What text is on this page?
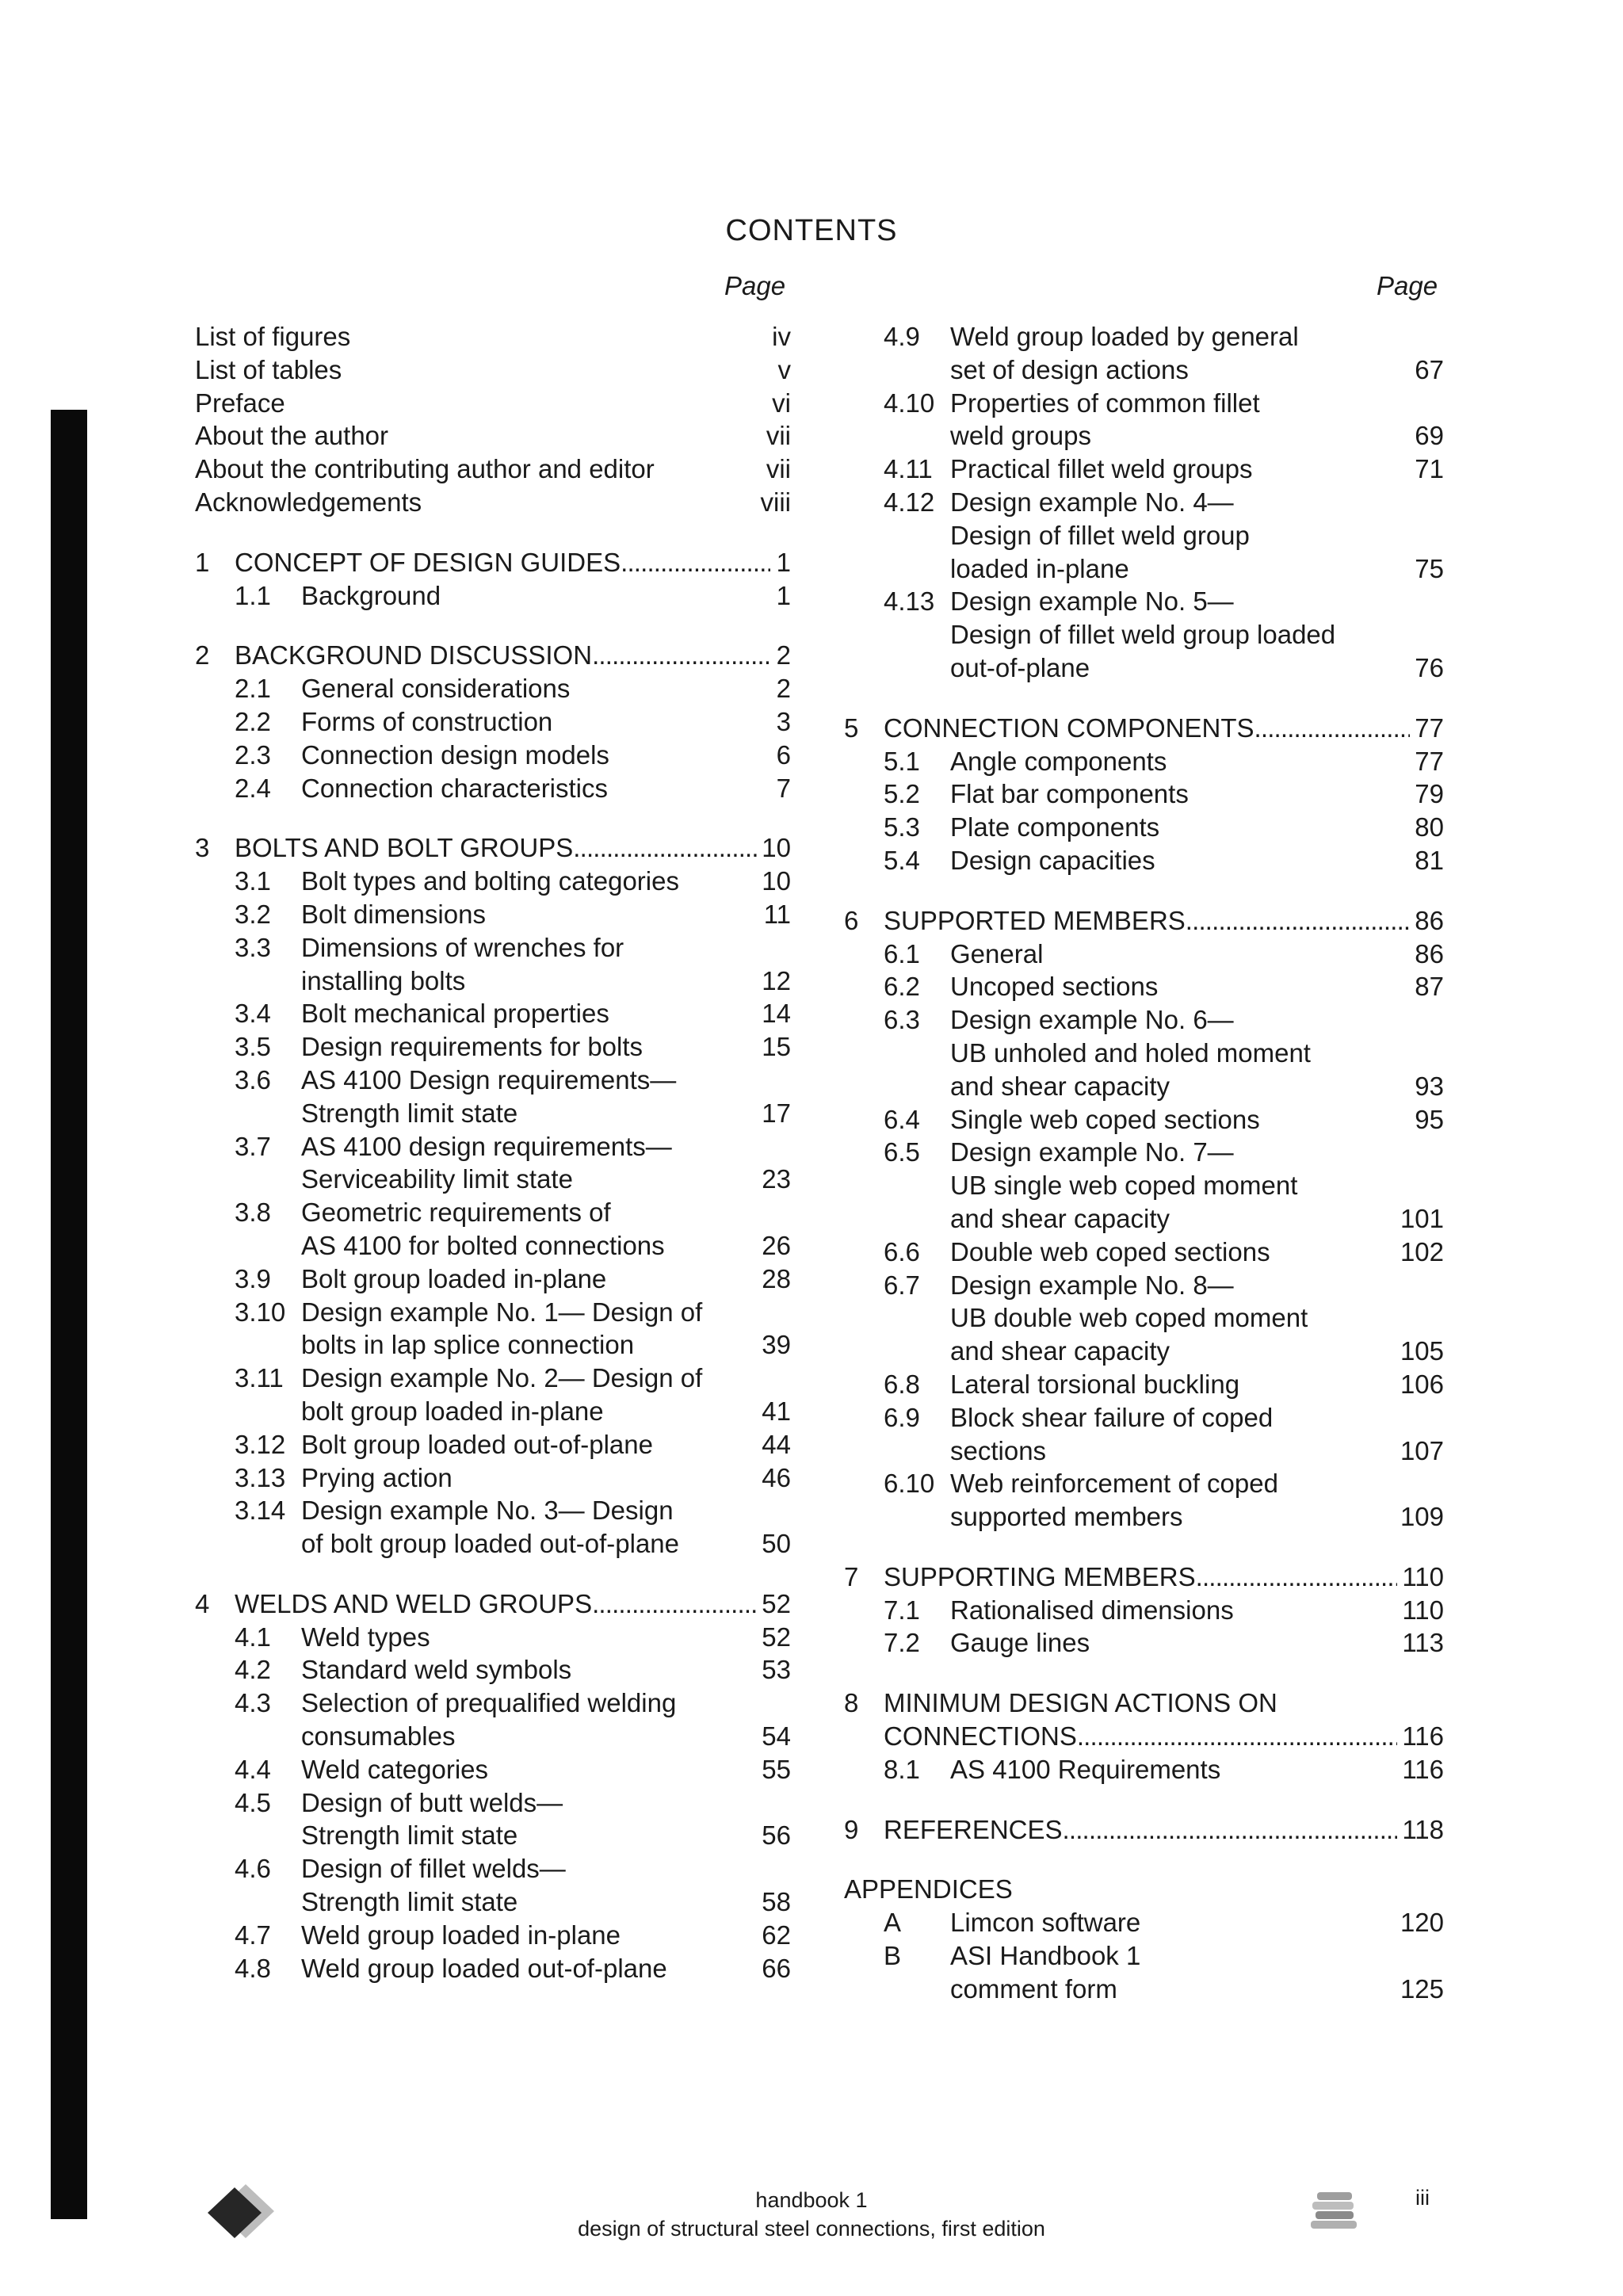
CONTENTS
Page	Page
List of figures	iv
List of tables	v
Preface	vi
About the author	vii
About the contributing author and editor	vii
Acknowledgements	viii
1 CONCEPT OF DESIGN GUIDES . . .	1
1.1	Background	1
2 BACKGROUND DISCUSSION . . .	2
2.1	General considerations	2
2.2	Forms of construction	3
2.3	Connection design models	6
2.4	Connection characteristics	7
3 BOLTS AND BOLT GROUPS . . .	10
3.1	Bolt types and bolting categories	10
3.2	Bolt dimensions	11
3.3	Dimensions of wrenches for
installing bolts	12
3.4	Bolt mechanical properties	14
3.5	Design requirements for bolts	15
3.6	AS 4100 Design requirements—
Strength limit state	17
3.7	AS 4100 design requirements—
Serviceability limit state	23
3.8	Geometric requirements of
AS 4100 for bolted connections	26
3.9	Bolt group loaded in-plane	28
3.10 Design example No. 1— Design of
bolts in lap splice connection	39
3.11 Design example No. 2— Design of
bolt group loaded in-plane	41
3.12 Bolt group loaded out-of-plane	44
3.13 Prying action	46
3.14 Design example No. 3— Design
of bolt group loaded out-of-plane	50
4 WELDS AND WELD GROUPS . . .	52
4.1	Weld types	52
4.2	Standard weld symbols	53
4.3	Selection of prequalified welding
consumables	54
4.4	Weld categories	55
4.5	Design of butt welds—
Strength limit state	56
4.6	Design of fillet welds—
Strength limit state	58
4.7	Weld group loaded in-plane	62
4.8	Weld group loaded out-of-plane	66
4.9	Weld group loaded by general
set of design actions	67
4.10 Properties of common fillet
weld groups	69
4.11 Practical fillet weld groups	71
4.12 Design example No. 4—
Design of fillet weld group
loaded in-plane	75
4.13 Design example No. 5—
Design of fillet weld group loaded
out-of-plane	76
5 CONNECTION COMPONENTS . . .	77
5.1	Angle components	77
5.2	Flat bar components	79
5.3	Plate components	80
5.4	Design capacities	81
6 SUPPORTED MEMBERS . . .	86
6.1	General	86
6.2	Uncoped sections	87
6.3	Design example No. 6—
UB unholed and holed moment
and shear capacity	93
6.4	Single web coped sections	95
6.5	Design example No. 7—
UB single web coped moment
and shear capacity	101
6.6	Double web coped sections	102
6.7	Design example No. 8—
UB double web coped moment
and shear capacity	105
6.8	Lateral torsional buckling	106
6.9	Block shear failure of coped
sections	107
6.10 Web reinforcement of coped
supported members	109
7 SUPPORTING MEMBERS . . .	110
7.1	Rationalised dimensions	110
7.2	Gauge lines	113
8 MINIMUM DESIGN ACTIONS ON
CONNECTIONS . . .	116
8.1	AS 4100 Requirements	116
9 REFERENCES . . .	118
APPENDICES
A	Limcon software	120
B	ASI Handbook 1
comment form	125
handbook 1
design of structural steel connections, first edition
iii
